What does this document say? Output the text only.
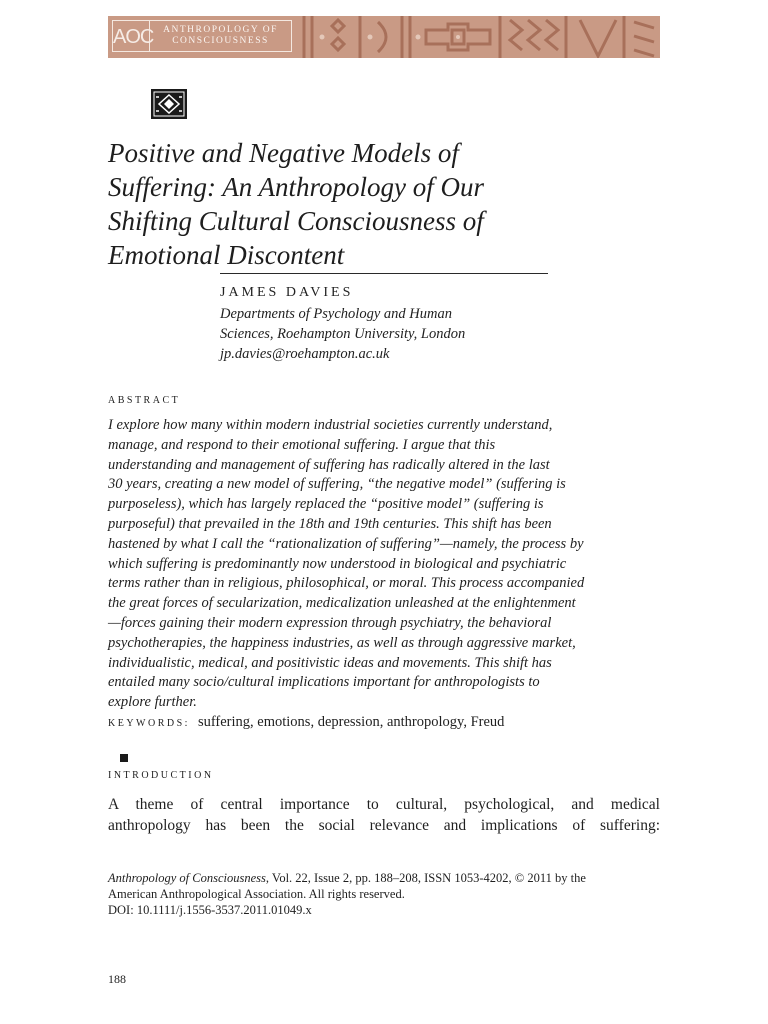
AOC	ANTHROPOLOGY OF
CONSCIOUSNESS
Positive and Negative Models of
Suffering: An Anthropology of Our
Shifting Cultural Consciousness of
Emotional Discontent
JAMES DAVIES
Departments of Psychology and Human
Sciences, Roehampton University, London
jp.davies@roehampton.ac.uk
ABSTRACT
I explore how many within modern industrial societies currently understand,
manage, and respond to their emotional suffering. I argue that this
understanding and management of suffering has radically altered in the last
30 years, creating a new model of suffering, “the negative model” (suffering is
purposeless), which has largely replaced the “positive model” (suffering is
purposeful) that prevailed in the 18th and 19th centuries. This shift has been
hastened by what I call the “rationalization of suffering”—namely, the process by
which suffering is predominantly now understood in biological and psychiatric
terms rather than in religious, philosophical, or moral. This process accompanied
the great forces of secularization, medicalization unleashed at the enlightenment
—forces gaining their modern expression through psychiatry, the behavioral
psychotherapies, the happiness industries, as well as through aggressive market,
individualistic, medical, and positivistic ideas and movements. This shift has
entailed many socio/cultural implications important for anthropologists to
explore further.
KEYWORDS: suffering, emotions, depression, anthropology, Freud
INTRODUCTION
A theme of central importance to cultural, psychological, and medical
anthropology has been the social relevance and implications of suffering:
Anthropology of Consciousness, Vol. 22, Issue 2, pp. 188–208, ISSN 1053-4202, © 2011 by the
American Anthropological Association. All rights reserved.
DOI: 10.1111/j.1556-3537.2011.01049.x
188
